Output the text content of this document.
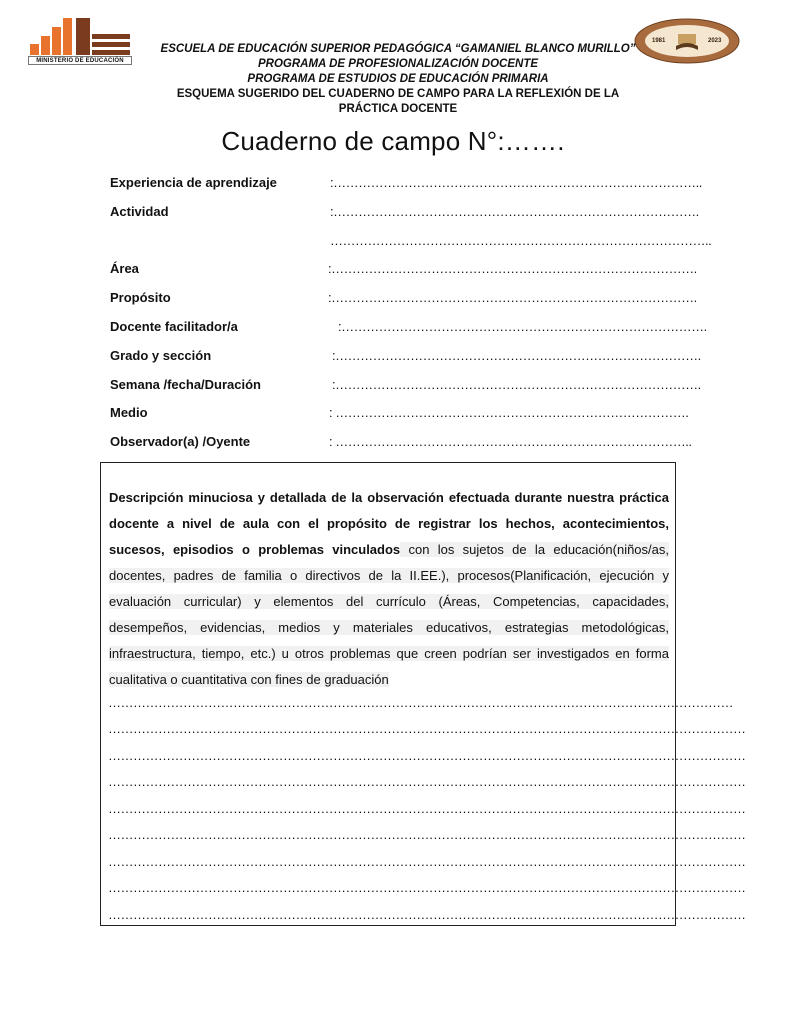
MINISTERIO DE EDUCACIÓN
1981	2023
ESCUELA DE EDUCACIÓN SUPERIOR PEDAGÓGICA “GAMANIEL BLANCO MURILLO”
PROGRAMA DE PROFESIONALIZACIÓN DOCENTE
PROGRAMA DE ESTUDIOS DE EDUCACIÓN PRIMARIA
ESQUEMA SUGERIDO DEL CUADERNO DE CAMPO PARA LA REFLEXIÓN DE LA
PRÁCTICA DOCENTE
Cuaderno de campo N°:…….
Experiencia de aprendizaje	:……………………………………………………………………………..
Actividad	:…………………………………………………………………………….
………………………………………………………………………………..
Área	:…………………………………………………………………………….
Propósito	:…………………………………………………………………………….
Docente facilitador/a	:…………………………………………………………………………….
Grado y sección	:…………………………………………………………………………….
Semana /fecha/Duración	:…………………………………………………………………………….
Medio	: ………………………………………………………………………….
Observador(a) /Oyente	: …………………………………………………………………………..
Descripción minuciosa y detallada de la observación efectuada durante nuestra práctica docente a nivel de aula con el propósito de registrar los hechos, acontecimientos, sucesos, episodios o problemas vinculados con los sujetos de la educación(niños/as, docentes, padres de familia o directivos de la II.EE.), procesos(Planificación, ejecución y evaluación curricular) y elementos del currículo (Áreas, Competencias, capacidades, desempeños, evidencias, medios y materiales educativos, estrategias metodológicas, infraestructura, tiempo, etc.) u otros problemas que creen podrían ser investigados en forma cualitativa o cuantitativa con fines de graduación
……………………………………………………………………………………………………………………………………
………………………………………………………………………………………………………………………………………
………………………………………………………………………………………………………………………………………
………………………………………………………………………………………………………………………………………
………………………………………………………………………………………………………………………………………
………………………………………………………………………………………………………………………………………
………………………………………………………………………………………………………………………………………
………………………………………………………………………………………………………………………………………
………………………………………………………………………………………………………………………………………
